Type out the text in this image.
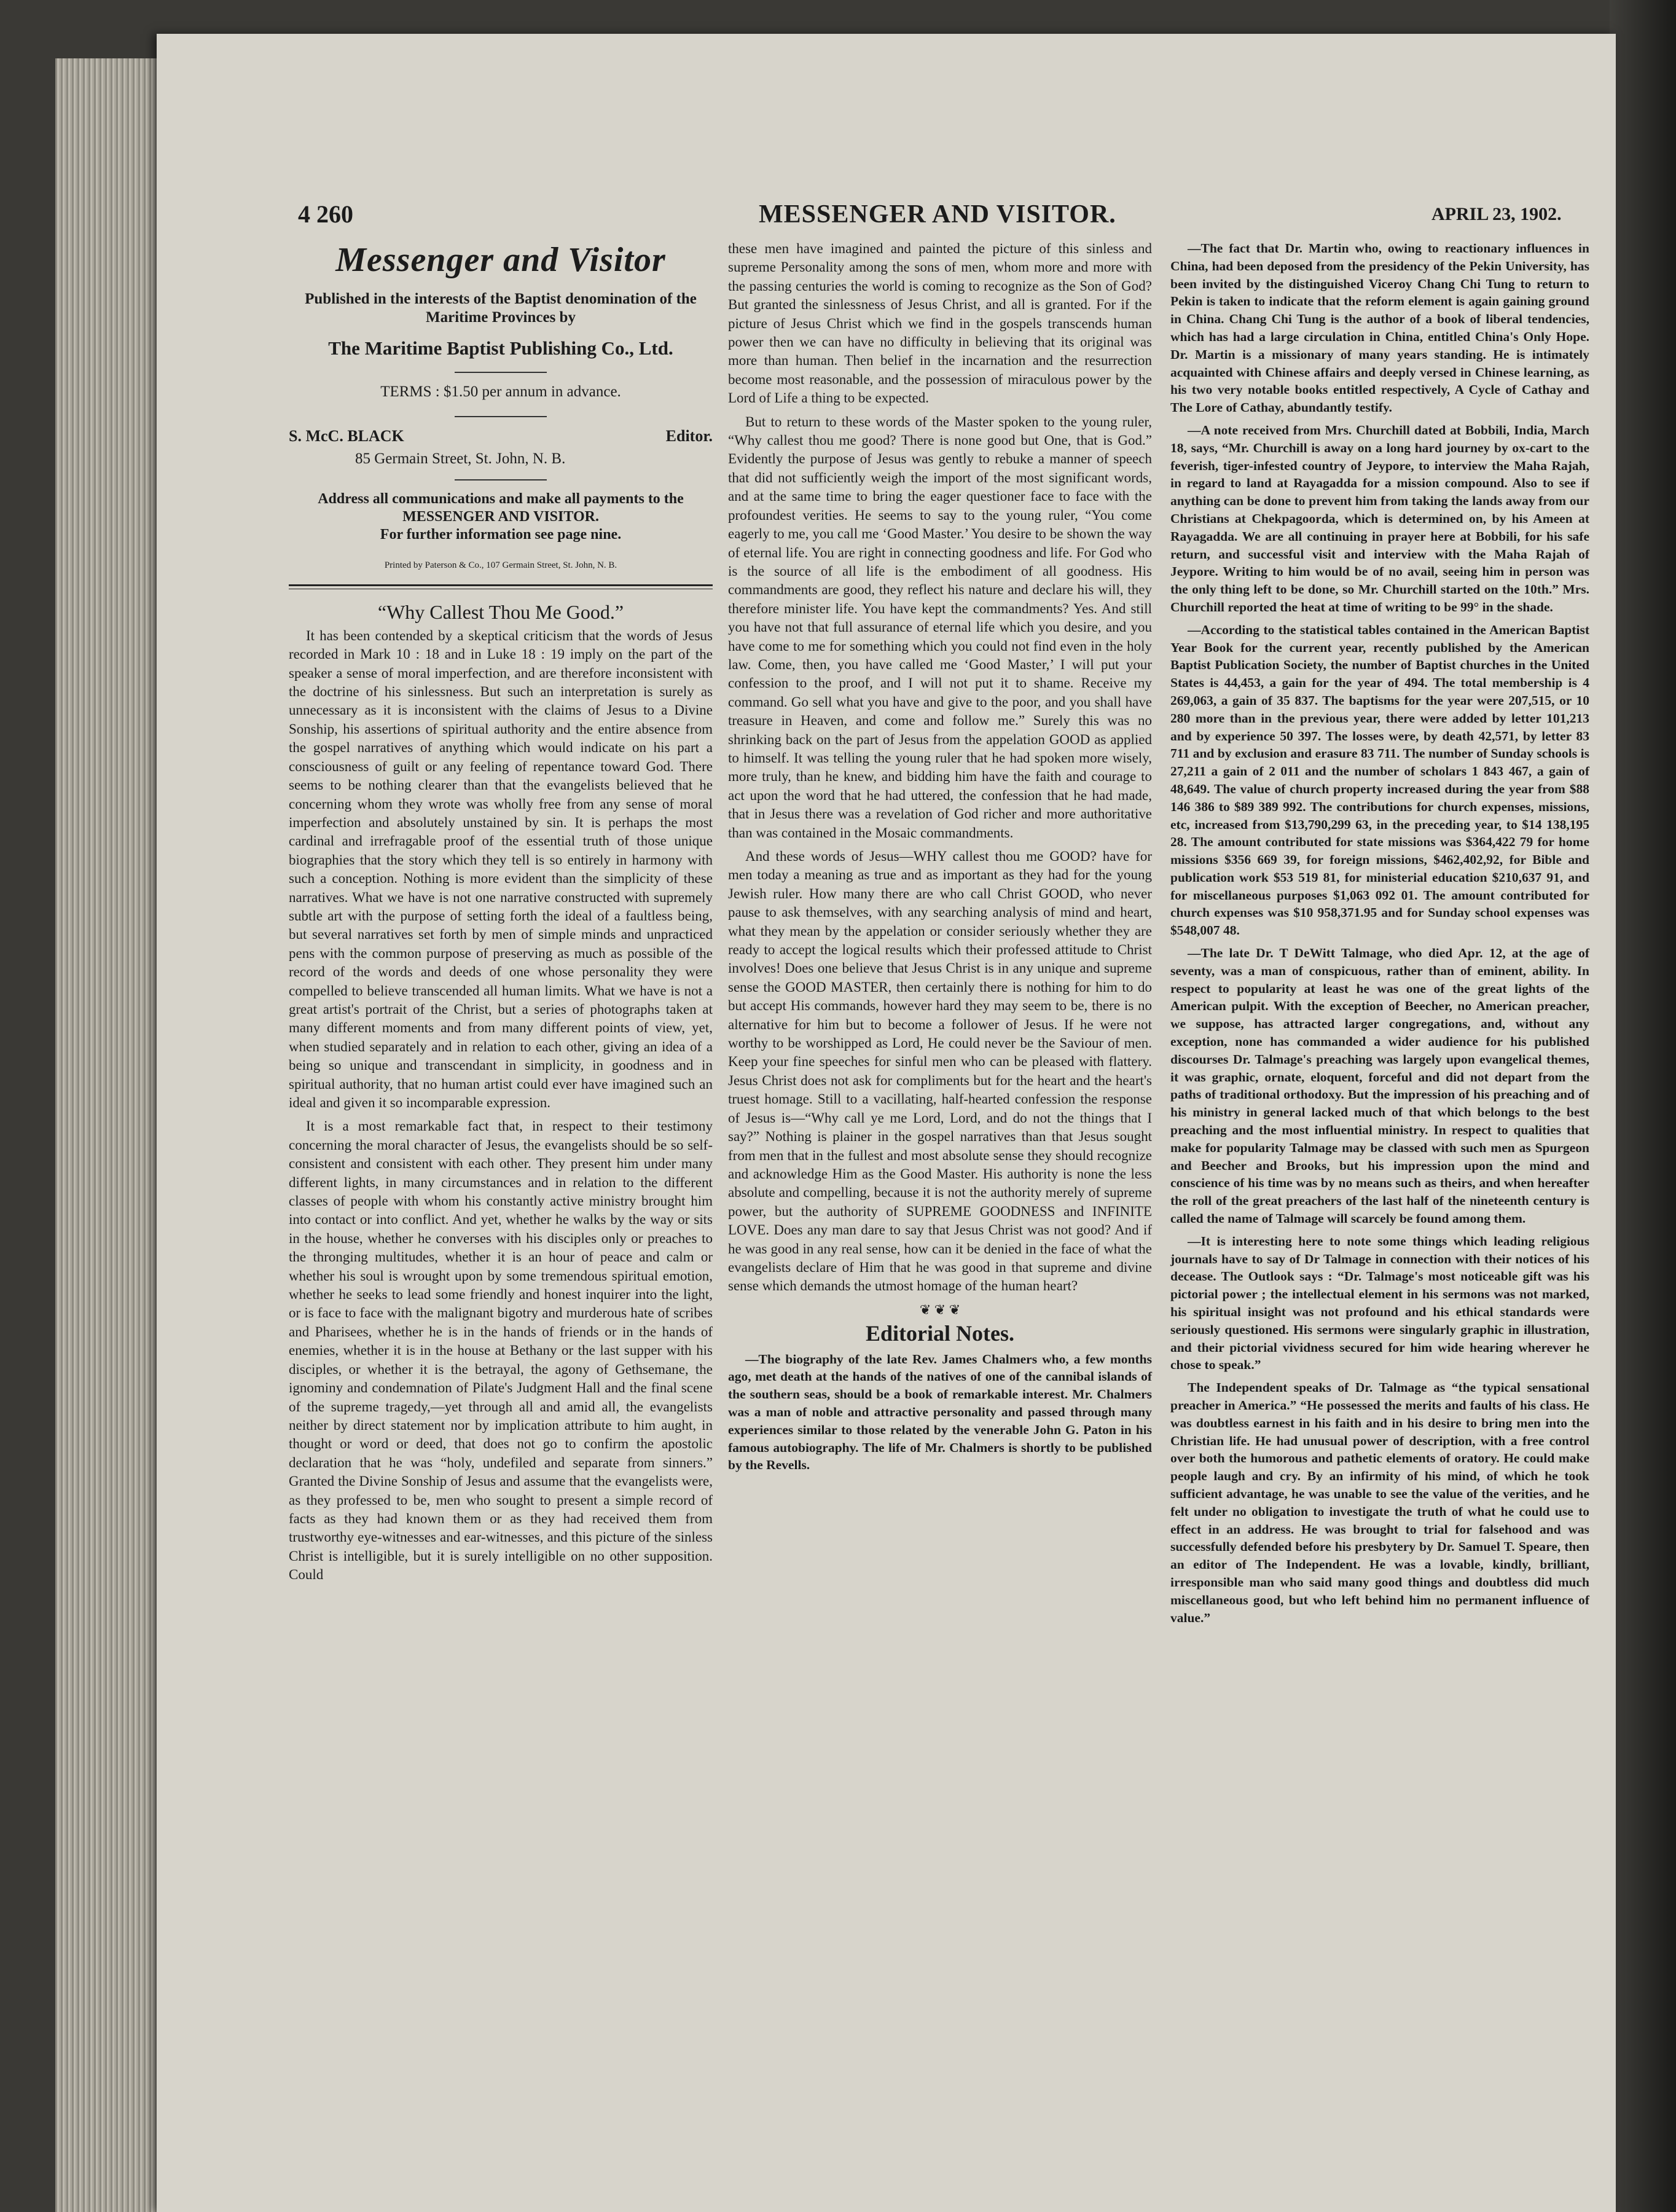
4 260	MESSENGER AND VISITOR.	APRIL 23, 1902.
Messenger and Visitor
Published in the interests of the Baptist denomination of the Maritime Provinces by
The Maritime Baptist Publishing Co., Ltd.
TERMS : $1.50 per annum in advance.
S. McC. BLACK	Editor.
85 Germain Street, St. John, N. B.
Address all communications and make all payments to the MESSENGER AND VISITOR.
For further information see page nine.
Printed by Paterson & Co., 107 Germain Street, St. John, N. B.
“Why Callest Thou Me Good.”

It has been contended by a skeptical criticism that the words of Jesus recorded in Mark 10 : 18 and in Luke 18 : 19 imply on the part of the speaker a sense of moral imperfection, and are therefore inconsistent with the doctrine of his sinlessness. But such an interpretation is surely as unnecessary as it is inconsistent with the claims of Jesus to a Divine Sonship, his assertions of spiritual authority and the entire absence from the gospel narratives of anything which would indicate on his part a consciousness of guilt or any feeling of repentance toward God. There seems to be nothing clearer than that the evangelists believed that he concerning whom they wrote was wholly free from any sense of moral imperfection and absolutely unstained by sin. It is perhaps the most cardinal and irrefragable proof of the essential truth of those unique biographies that the story which they tell is so entirely in harmony with such a conception. Nothing is more evident than the simplicity of these narratives. What we have is not one narrative constructed with supremely subtle art with the purpose of setting forth the ideal of a faultless being, but several narratives set forth by men of simple minds and unpracticed pens with the common purpose of preserving as much as possible of the record of the words and deeds of one whose personality they were compelled to believe transcended all human limits. What we have is not a great artist's portrait of the Christ, but a series of photographs taken at many different moments and from many different points of view, yet, when studied separately and in relation to each other, giving an idea of a being so unique and transcendant in simplicity, in goodness and in spiritual authority, that no human artist could ever have imagined such an ideal and given it so incomparable expression.

It is a most remarkable fact that, in respect to their testimony concerning the moral character of Jesus, the evangelists should be so self-consistent and consistent with each other. They present him under many different lights, in many circumstances and in relation to the different classes of people with whom his constantly active ministry brought him into contact or into conflict. And yet, whether he walks by the way or sits in the house, whether he converses with his disciples only or preaches to the thronging multitudes, whether it is an hour of peace and calm or whether his soul is wrought upon by some tremendous spiritual emotion, whether he seeks to lead some friendly and honest inquirer into the light, or is face to face with the malignant bigotry and murderous hate of scribes and Pharisees, whether he is in the hands of friends or in the hands of enemies, whether it is in the house at Bethany or the last supper with his disciples, or whether it is the betrayal, the agony of Gethsemane, the ignominy and condemnation of Pilate's Judgment Hall and the final scene of the supreme tragedy,—yet through all and amid all, the evangelists neither by direct statement nor by implication attribute to him aught, in thought or word or deed, that does not go to confirm the apostolic declaration that he was “holy, undefiled and separate from sinners.” Granted the Divine Sonship of Jesus and assume that the evangelists were, as they professed to be, men who sought to present a simple record of facts as they had known them or as they had received them from trustworthy eye-witnesses and ear-witnesses, and this picture of the sinless Christ is intelligible, but it is surely intelligible on no other supposition. Could

these men have imagined and painted the picture of this sinless and supreme Personality among the sons of men, whom more and more with the passing centuries the world is coming to recognize as the Son of God? But granted the sinlessness of Jesus Christ, and all is granted. For if the picture of Jesus Christ which we find in the gospels transcends human power then we can have no difficulty in believing that its original was more than human. Then belief in the incarnation and the resurrection become most reasonable, and the possession of miraculous power by the Lord of Life a thing to be expected.

But to return to these words of the Master spoken to the young ruler, “Why callest thou me good? There is none good but One, that is God.” Evidently the purpose of Jesus was gently to rebuke a manner of speech that did not sufficiently weigh the import of the most significant words, and at the same time to bring the eager questioner face to face with the profoundest verities. He seems to say to the young ruler, “You come eagerly to me, you call me ‘Good Master.’ You desire to be shown the way of eternal life. You are right in connecting goodness and life. For God who is the source of all life is the embodiment of all goodness. His commandments are good, they reflect his nature and declare his will, they therefore minister life. You have kept the commandments? Yes. And still you have not that full assurance of eternal life which you desire, and you have come to me for something which you could not find even in the holy law. Come, then, you have called me ‘Good Master,’ I will put your confession to the proof, and I will not put it to shame. Receive my command. Go sell what you have and give to the poor, and you shall have treasure in Heaven, and come and follow me.” Surely this was no shrinking back on the part of Jesus from the appelation GOOD as applied to himself. It was telling the young ruler that he had spoken more wisely, more truly, than he knew, and bidding him have the faith and courage to act upon the word that he had uttered, the confession that he had made, that in Jesus there was a revelation of God richer and more authoritative than was contained in the Mosaic commandments.

And these words of Jesus—WHY callest thou me GOOD? have for men today a meaning as true and as important as they had for the young Jewish ruler. How many there are who call Christ GOOD, who never pause to ask themselves, with any searching analysis of mind and heart, what they mean by the appelation or consider seriously whether they are ready to accept the logical results which their professed attitude to Christ involves! Does one believe that Jesus Christ is in any unique and supreme sense the GOOD MASTER, then certainly there is nothing for him to do but accept His commands, however hard they may seem to be, there is no alternative for him but to become a follower of Jesus. If he were not worthy to be worshipped as Lord, He could never be the Saviour of men. Keep your fine speeches for sinful men who can be pleased with flattery. Jesus Christ does not ask for compliments but for the heart and the heart's truest homage. Still to a vacillating, half-hearted confession the response of Jesus is—“Why call ye me Lord, Lord, and do not the things that I say?” Nothing is plainer in the gospel narratives than that Jesus sought from men that in the fullest and most absolute sense they should recognize and acknowledge Him as the Good Master. His authority is none the less absolute and compelling, because it is not the authority merely of supreme power, but the authority of SUPREME GOODNESS and INFINITE LOVE. Does any man dare to say that Jesus Christ was not good? And if he was good in any real sense, how can it be denied in the face of what the evangelists declare of Him that he was good in that supreme and divine sense which demands the utmost homage of the human heart?

❦ ❦ ❦
Editorial Notes.

—The biography of the late Rev. James Chalmers who, a few months ago, met death at the hands of the natives of one of the cannibal islands of the southern seas, should be a book of remarkable interest. Mr. Chalmers was a man of noble and attractive personality and passed through many experiences similar to those related by the venerable John G. Paton in his famous autobiography. The life of Mr. Chalmers is shortly to be published by the Revells.

—The fact that Dr. Martin who, owing to reactionary influences in China, had been deposed from the presidency of the Pekin University, has been invited by the distinguished Viceroy Chang Chi Tung to return to Pekin is taken to indicate that the reform element is again gaining ground in China. Chang Chi Tung is the author of a book of liberal tendencies, which has had a large circulation in China, entitled China's Only Hope. Dr. Martin is a missionary of many years standing. He is intimately acquainted with Chinese affairs and deeply versed in Chinese learning, as his two very notable books entitled respectively, A Cycle of Cathay and The Lore of Cathay, abundantly testify.

—A note received from Mrs. Churchill dated at Bobbili, India, March 18, says, “Mr. Churchill is away on a long hard journey by ox-cart to the feverish, tiger-infested country of Jeypore, to interview the Maha Rajah, in regard to land at Rayagadda for a mission compound. Also to see if anything can be done to prevent him from taking the lands away from our Christians at Chekpagoorda, which is determined on, by his Ameen at Rayagadda. We are all continuing in prayer here at Bobbili, for his safe return, and successful visit and interview with the Maha Rajah of Jeypore. Writing to him would be of no avail, seeing him in person was the only thing left to be done, so Mr. Churchill started on the 10th.” Mrs. Churchill reported the heat at time of writing to be 99° in the shade.

—According to the statistical tables contained in the American Baptist Year Book for the current year, recently published by the American Baptist Publication Society, the number of Baptist churches in the United States is 44,453, a gain for the year of 494. The total membership is 4 269,063, a gain of 35 837. The baptisms for the year were 207,515, or 10 280 more than in the previous year, there were added by letter 101,213 and by experience 50 397. The losses were, by death 42,571, by letter 83 711 and by exclusion and erasure 83 711. The number of Sunday schools is 27,211 a gain of 2 011 and the number of scholars 1 843 467, a gain of 48,649. The value of church property increased during the year from $88 146 386 to $89 389 992. The contributions for church expenses, missions, etc, increased from $13,790,299 63, in the preceding year, to $14 138,195 28. The amount contributed for state missions was $364,422 79 for home missions $356 669 39, for foreign missions, $462,402,92, for Bible and publication work $53 519 81, for ministerial education $210,637 91, and for miscellaneous purposes $1,063 092 01. The amount contributed for church expenses was $10 958,371.95 and for Sunday school expenses was $548,007 48.

—The late Dr. T DeWitt Talmage, who died Apr. 12, at the age of seventy, was a man of conspicuous, rather than of eminent, ability. In respect to popularity at least he was one of the great lights of the American pulpit. With the exception of Beecher, no American preacher, we suppose, has attracted larger congregations, and, without any exception, none has commanded a wider audience for his published discourses Dr. Talmage's preaching was largely upon evangelical themes, it was graphic, ornate, eloquent, forceful and did not depart from the paths of traditional orthodoxy. But the impression of his preaching and of his ministry in general lacked much of that which belongs to the best preaching and the most influential ministry. In respect to qualities that make for popularity Talmage may be classed with such men as Spurgeon and Beecher and Brooks, but his impression upon the mind and conscience of his time was by no means such as theirs, and when hereafter the roll of the great preachers of the last half of the nineteenth century is called the name of Talmage will scarcely be found among them.

—It is interesting here to note some things which leading religious journals have to say of Dr Talmage in connection with their notices of his decease. The Outlook says : “Dr. Talmage's most noticeable gift was his pictorial power ; the intellectual element in his sermons was not marked, his spiritual insight was not profound and his ethical standards were seriously questioned. His sermons were singularly graphic in illustration, and their pictorial vividness secured for him wide hearing wherever he chose to speak.”

The Independent speaks of Dr. Talmage as “the typical sensational preacher in America.” “He possessed the merits and faults of his class. He was doubtless earnest in his faith and in his desire to bring men into the Christian life. He had unusual power of description, with a free control over both the humorous and pathetic elements of oratory. He could make people laugh and cry. By an infirmity of his mind, of which he took sufficient advantage, he was unable to see the value of the verities, and he felt under no obligation to investigate the truth of what he could use to effect in an address. He was brought to trial for falsehood and was successfully defended before his presbytery by Dr. Samuel T. Speare, then an editor of The Independent. He was a lovable, kindly, brilliant, irresponsible man who said many good things and doubtless did much miscellaneous good, but who left behind him no permanent influence of value.”
